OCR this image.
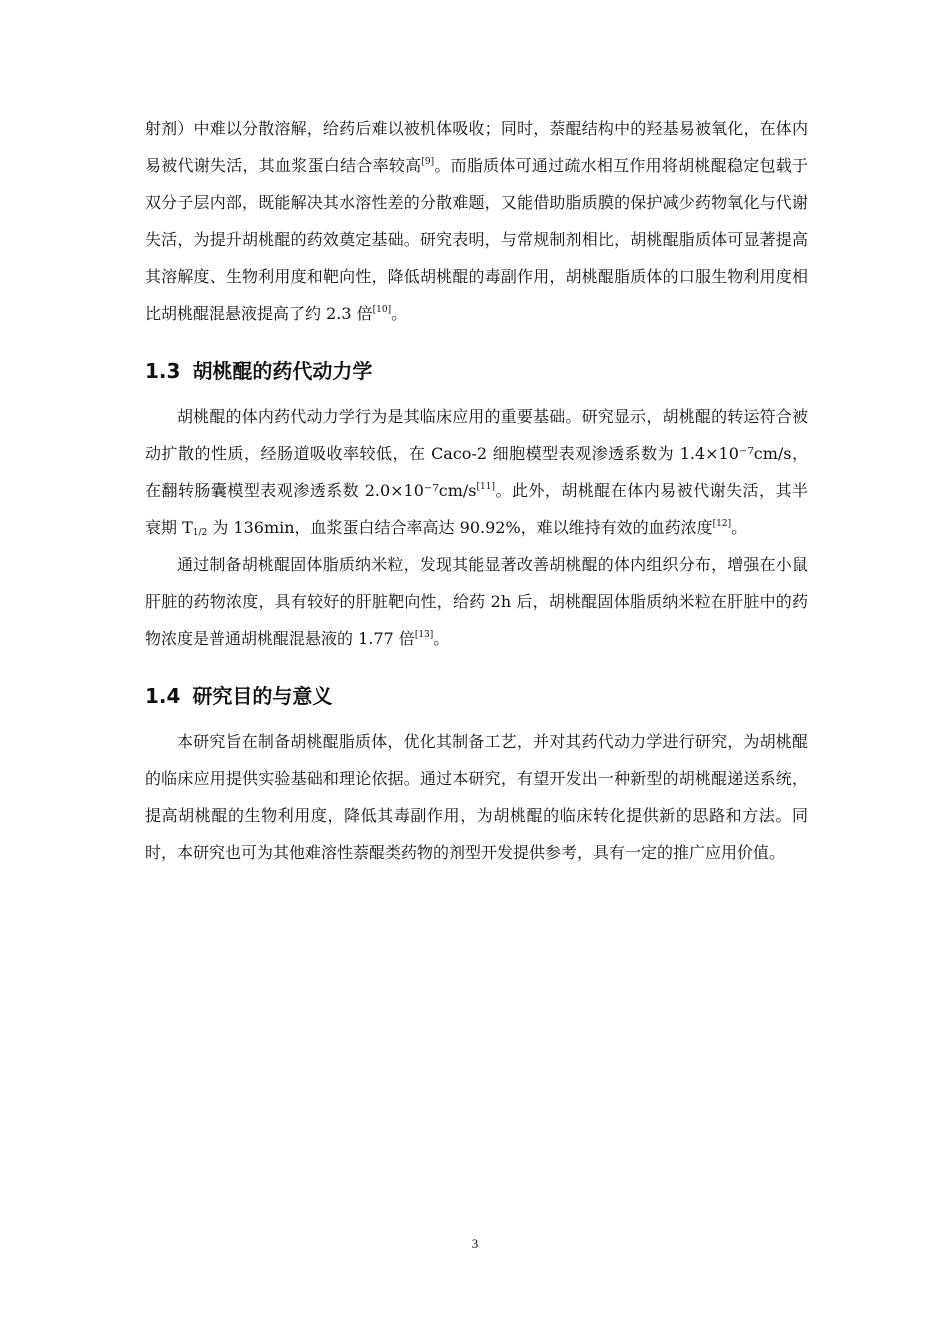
射剂）中难以分散溶解，给药后难以被机体吸收；同时，萘醌结构中的羟基易被氧化，在体内易被代谢失活，其血浆蛋白结合率较高[9]。而脂质体可通过疏水相互作用将胡桃醌稳定包载于双分子层内部，既能解决其水溶性差的分散难题，又能借助脂质膜的保护减少药物氧化与代谢失活，为提升胡桃醌的药效奠定基础。研究表明，与常规制剂相比，胡桃醌脂质体可显著提高其溶解度、生物利用度和靶向性，降低胡桃醌的毒副作用，胡桃醌脂质体的口服生物利用度相比胡桃醌混悬液提高了约 2.3 倍[10]。

1.3 胡桃醌的药代动力学

胡桃醌的体内药代动力学行为是其临床应用的重要基础。研究显示，胡桃醌的转运符合被动扩散的性质，经肠道吸收率较低，在 Caco-2 细胞模型表观渗透系数为 1.4×10⁻⁷cm/s，在翻转肠囊模型表观渗透系数 2.0×10⁻⁷cm/s[11]。此外，胡桃醌在体内易被代谢失活，其半衰期 $T_{1/2}$ 为 136min，血浆蛋白结合率高达 90.92%，难以维持有效的血药浓度[12]。

通过制备胡桃醌固体脂质纳米粒，发现其能显著改善胡桃醌的体内组织分布，增强在小鼠肝脏的药物浓度，具有较好的肝脏靶向性，给药 2h 后，胡桃醌固体脂质纳米粒在肝脏中的药物浓度是普通胡桃醌混悬液的 1.77 倍[13]。

1.4 研究目的与意义

本研究旨在制备胡桃醌脂质体，优化其制备工艺，并对其药代动力学进行研究，为胡桃醌的临床应用提供实验基础和理论依据。通过本研究，有望开发出一种新型的胡桃醌递送系统，提高胡桃醌的生物利用度，降低其毒副作用，为胡桃醌的临床转化提供新的思路和方法。同时，本研究也可为其他难溶性萘醌类药物的剂型开发提供参考，具有一定的推广应用价值。

3
